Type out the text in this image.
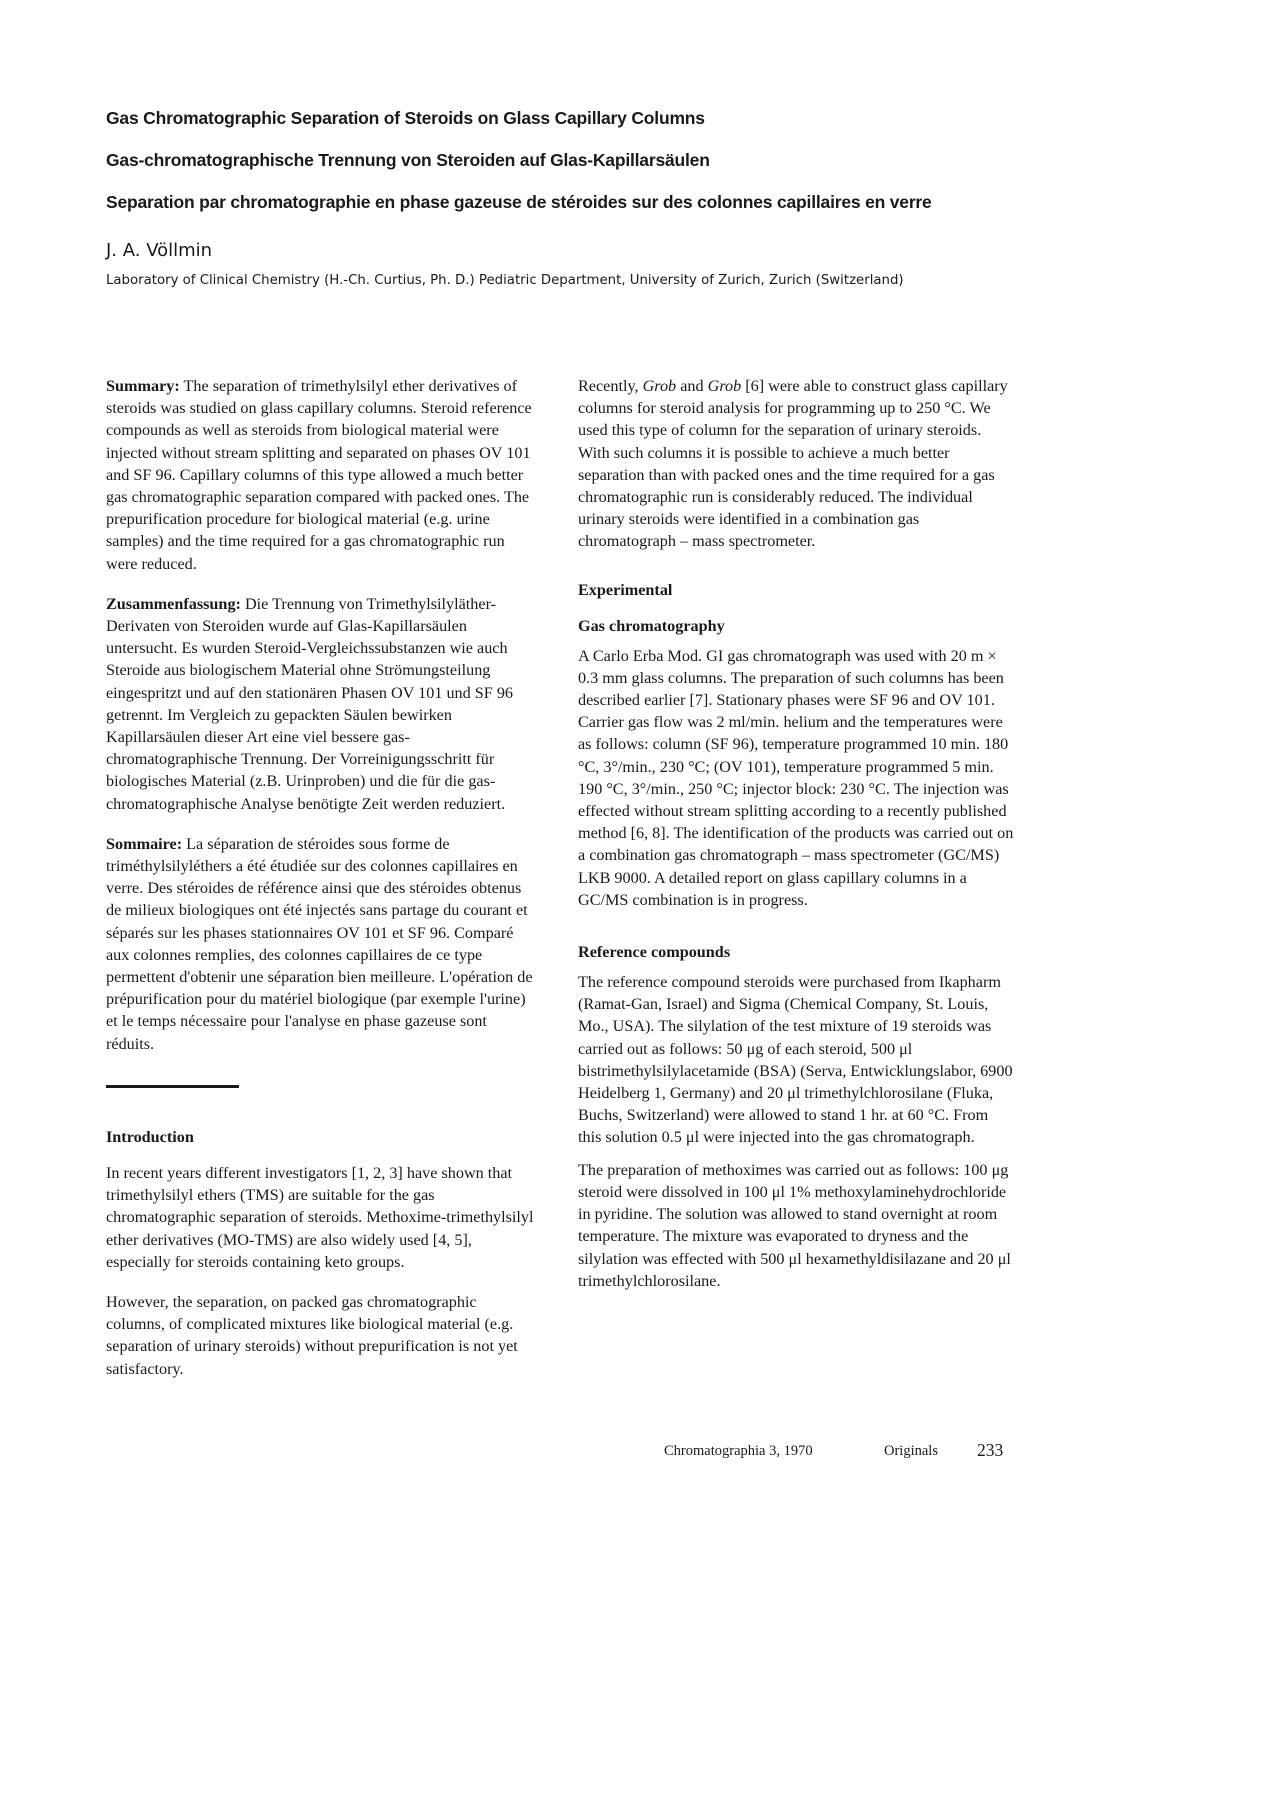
Gas Chromatographic Separation of Steroids on Glass Capillary Columns
Gas-chromatographische Trennung von Steroiden auf Glas-Kapillarsäulen
Separation par chromatographie en phase gazeuse de stéroides sur des colonnes capillaires en verre
J. A. Völlmin
Laboratory of Clinical Chemistry (H.-Ch. Curtius, Ph. D.) Pediatric Department, University of Zurich, Zurich (Switzerland)

Summary: The separation of trimethylsilyl ether derivatives of steroids was studied on glass capillary columns. Steroid reference compounds as well as steroids from biological material were injected without stream splitting and separated on phases OV 101 and SF 96. Capillary columns of this type allowed a much better gas chromatographic separation compared with packed ones. The prepurification procedure for biological material (e.g. urine samples) and the time required for a gas chromatographic run were reduced.

Zusammenfassung: Die Trennung von Trimethylsilyläther-Derivaten von Steroiden wurde auf Glas-Kapillarsäulen untersucht. Es wurden Steroid-Vergleichssubstanzen wie auch Steroide aus biologischem Material ohne Strömungsteilung eingespritzt und auf den stationären Phasen OV 101 und SF 96 getrennt. Im Vergleich zu gepackten Säulen bewirken Kapillarsäulen dieser Art eine viel bessere gas-chromatographische Trennung. Der Vorreinigungsschritt für biologisches Material (z.B. Urinproben) und die für die gas-chromatographische Analyse benötigte Zeit werden reduziert.

Sommaire: La séparation de stéroides sous forme de triméthylsilyléthers a été étudiée sur des colonnes capillaires en verre. Des stéroides de référence ainsi que des stéroides obtenus de milieux biologiques ont été injectés sans partage du courant et séparés sur les phases stationnaires OV 101 et SF 96. Comparé aux colonnes remplies, des colonnes capillaires de ce type permettent d'obtenir une séparation bien meilleure. L'opération de prépurification pour du matériel biologique (par exemple l'urine) et le temps nécessaire pour l'analyse en phase gazeuse sont réduits.

Introduction

In recent years different investigators [1, 2, 3] have shown that trimethylsilyl ethers (TMS) are suitable for the gas chromatographic separation of steroids. Methoxime-trimethylsilyl ether derivatives (MO-TMS) are also widely used [4, 5], especially for steroids containing keto groups.

However, the separation, on packed gas chromatographic columns, of complicated mixtures like biological material (e.g. separation of urinary steroids) without prepurification is not yet satisfactory.

Recently, Grob and Grob [6] were able to construct glass capillary columns for steroid analysis for programming up to 250 °C. We used this type of column for the separation of urinary steroids. With such columns it is possible to achieve a much better separation than with packed ones and the time required for a gas chromatographic run is considerably reduced. The individual urinary steroids were identified in a combination gas chromatograph – mass spectrometer.

Experimental
Gas chromatography

A Carlo Erba Mod. GI gas chromatograph was used with 20 m × 0.3 mm glass columns. The preparation of such columns has been described earlier [7]. Stationary phases were SF 96 and OV 101. Carrier gas flow was 2 ml/min. helium and the temperatures were as follows: column (SF 96), temperature programmed 10 min. 180 °C, 3°/min., 230 °C; (OV 101), temperature programmed 5 min. 190 °C, 3°/min., 250 °C; injector block: 230 °C. The injection was effected without stream splitting according to a recently published method [6, 8]. The identification of the products was carried out on a combination gas chromatograph – mass spectrometer (GC/MS) LKB 9000. A detailed report on glass capillary columns in a GC/MS combination is in progress.

Reference compounds

The reference compound steroids were purchased from Ikapharm (Ramat-Gan, Israel) and Sigma (Chemical Company, St. Louis, Mo., USA). The silylation of the test mixture of 19 steroids was carried out as follows: 50 μg of each steroid, 500 μl bistrimethylsilylacetamide (BSA) (Serva, Entwicklungslabor, 6900 Heidelberg 1, Germany) and 20 μl trimethylchlorosilane (Fluka, Buchs, Switzerland) were allowed to stand 1 hr. at 60 °C. From this solution 0.5 μl were injected into the gas chromatograph.

The preparation of methoximes was carried out as follows: 100 μg steroid were dissolved in 100 μl 1% methoxylaminehydrochloride in pyridine. The solution was allowed to stand overnight at room temperature. The mixture was evaporated to dryness and the silylation was effected with 500 μl hexamethyldisilazane and 20 μl trimethylchlorosilane.

Chromatographia 3, 1970	Originals 233
